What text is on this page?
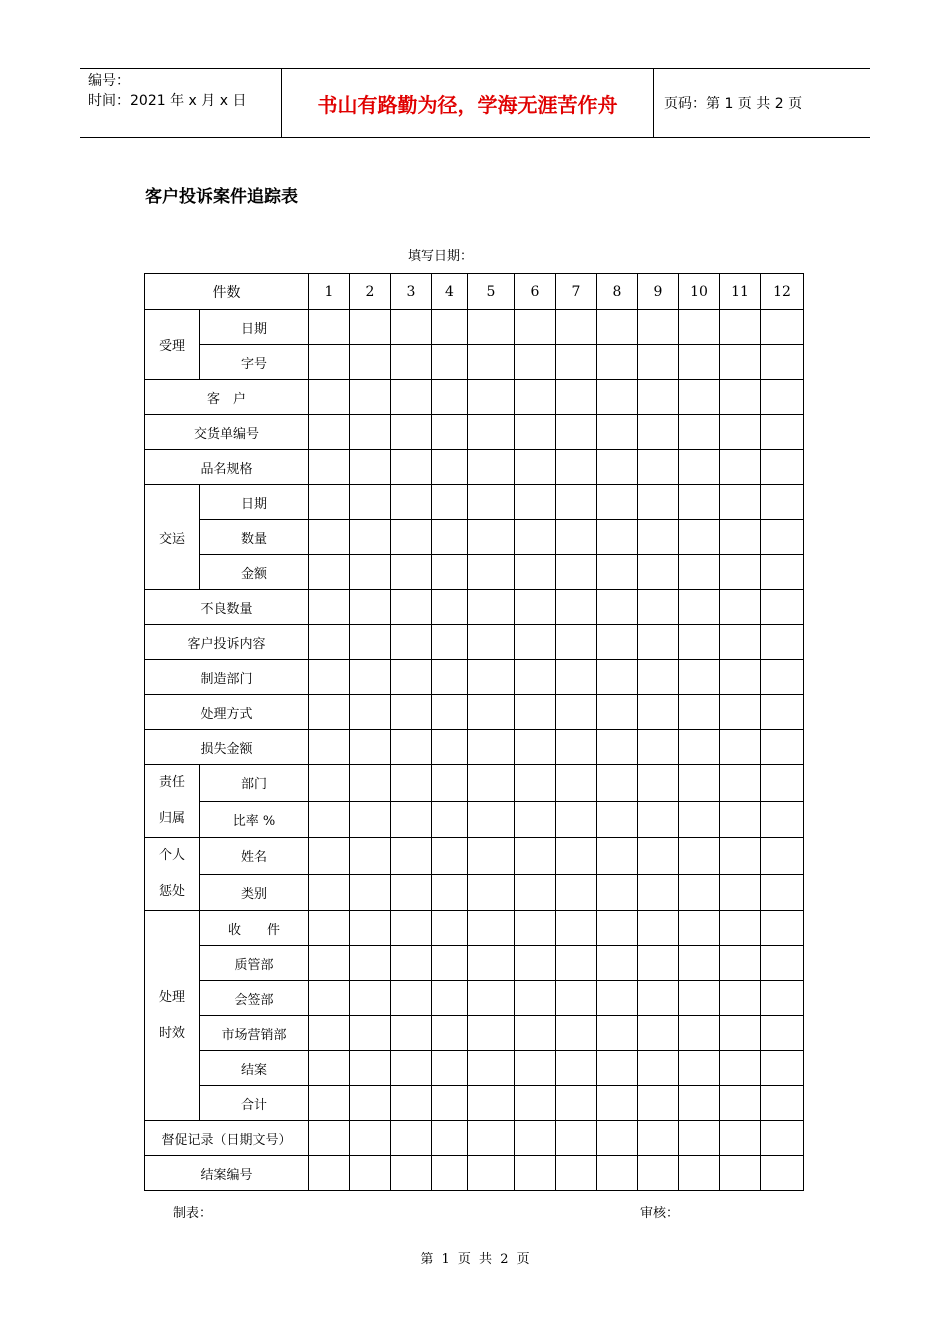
编号：
时间：2021 年 x 月 x 日	书山有路勤为径，学海无涯苦作舟	页码：第 1 页 共 2 页
客户投诉案件追踪表
填写日期：
件数		1	2	3	4	5	6	7	8	9	10	11	12
受理	日期												
	字号												
客　户													
交货单编号													
品名规格													
交运	日期												
	数量												
	金额												
不良数量													
客户投诉内容													
制造部门													
处理方式													
损失金额													

责任
归属	部门												
	比率 %												

个人
惩处	姓名												
	类别												

处理
时效	收　　件												
	质管部												
	会签部												
	市场营销部												
	结案												
	合计												
督促记录（日期文号）													
结案编号													
制表：	审核：
第 1 页 共 2 页
